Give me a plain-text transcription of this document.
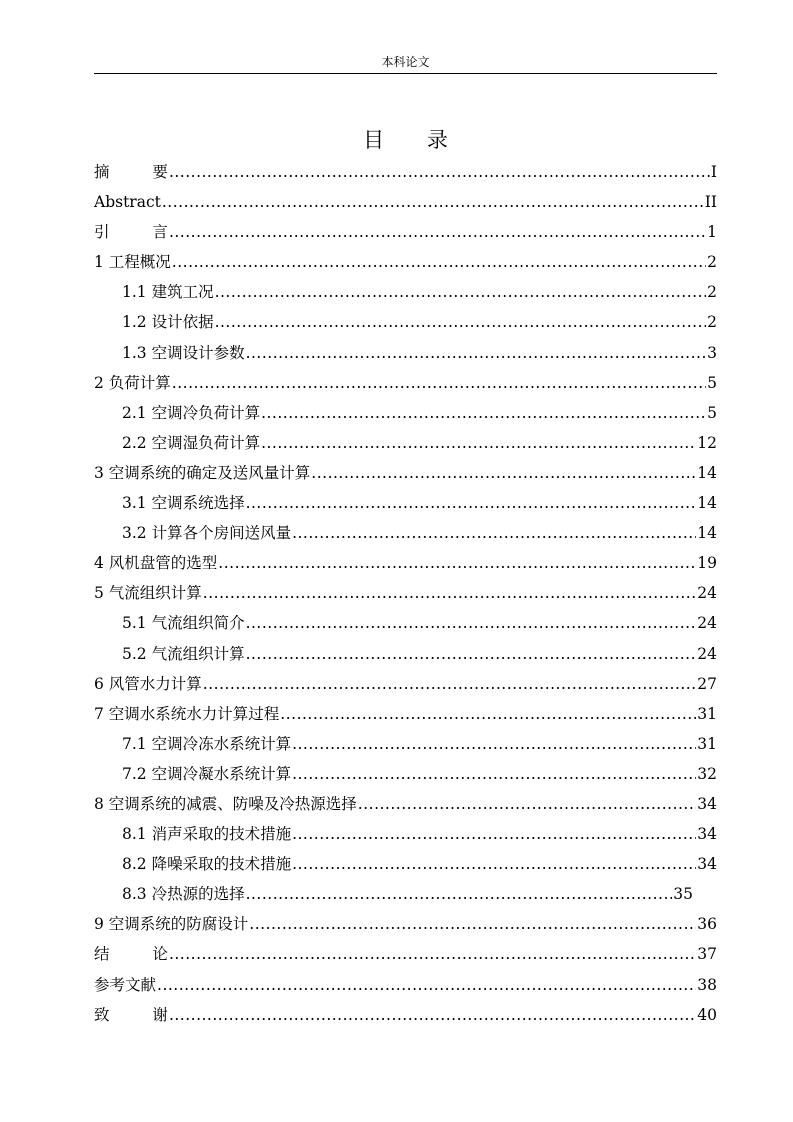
本科论文
目 录
摘 要 .....	I
Abstract .....	II
引 言 .....	1
1 工程概况 .....	2
1.1 建筑工况 .....	2
1.2 设计依据 .....	2
1.3 空调设计参数 .....	3
2 负荷计算 .....	5
2.1 空调冷负荷计算 .....	5
2.2 空调湿负荷计算 .....	12
3 空调系统的确定及送风量计算 .....	14
3.1 空调系统选择 .....	14
3.2 计算各个房间送风量 .....	14
4 风机盘管的选型 .....	19
5 气流组织计算 .....	24
5.1 气流组织简介 .....	24
5.2 气流组织计算 .....	24
6 风管水力计算 .....	27
7 空调水系统水力计算过程 .....	31
7.1 空调冷冻水系统计算 .....	31
7.2 空调冷凝水系统计算 .....	32
8 空调系统的减震、防噪及冷热源选择 .....	34
8.1 消声采取的技术措施 .....	34
8.2 降噪采取的技术措施 .....	34
8.3 冷热源的选择 .....	35
9 空调系统的防腐设计 .....	36
结 论 .....	37
参考文献 .....	38
致 谢 .....	40
